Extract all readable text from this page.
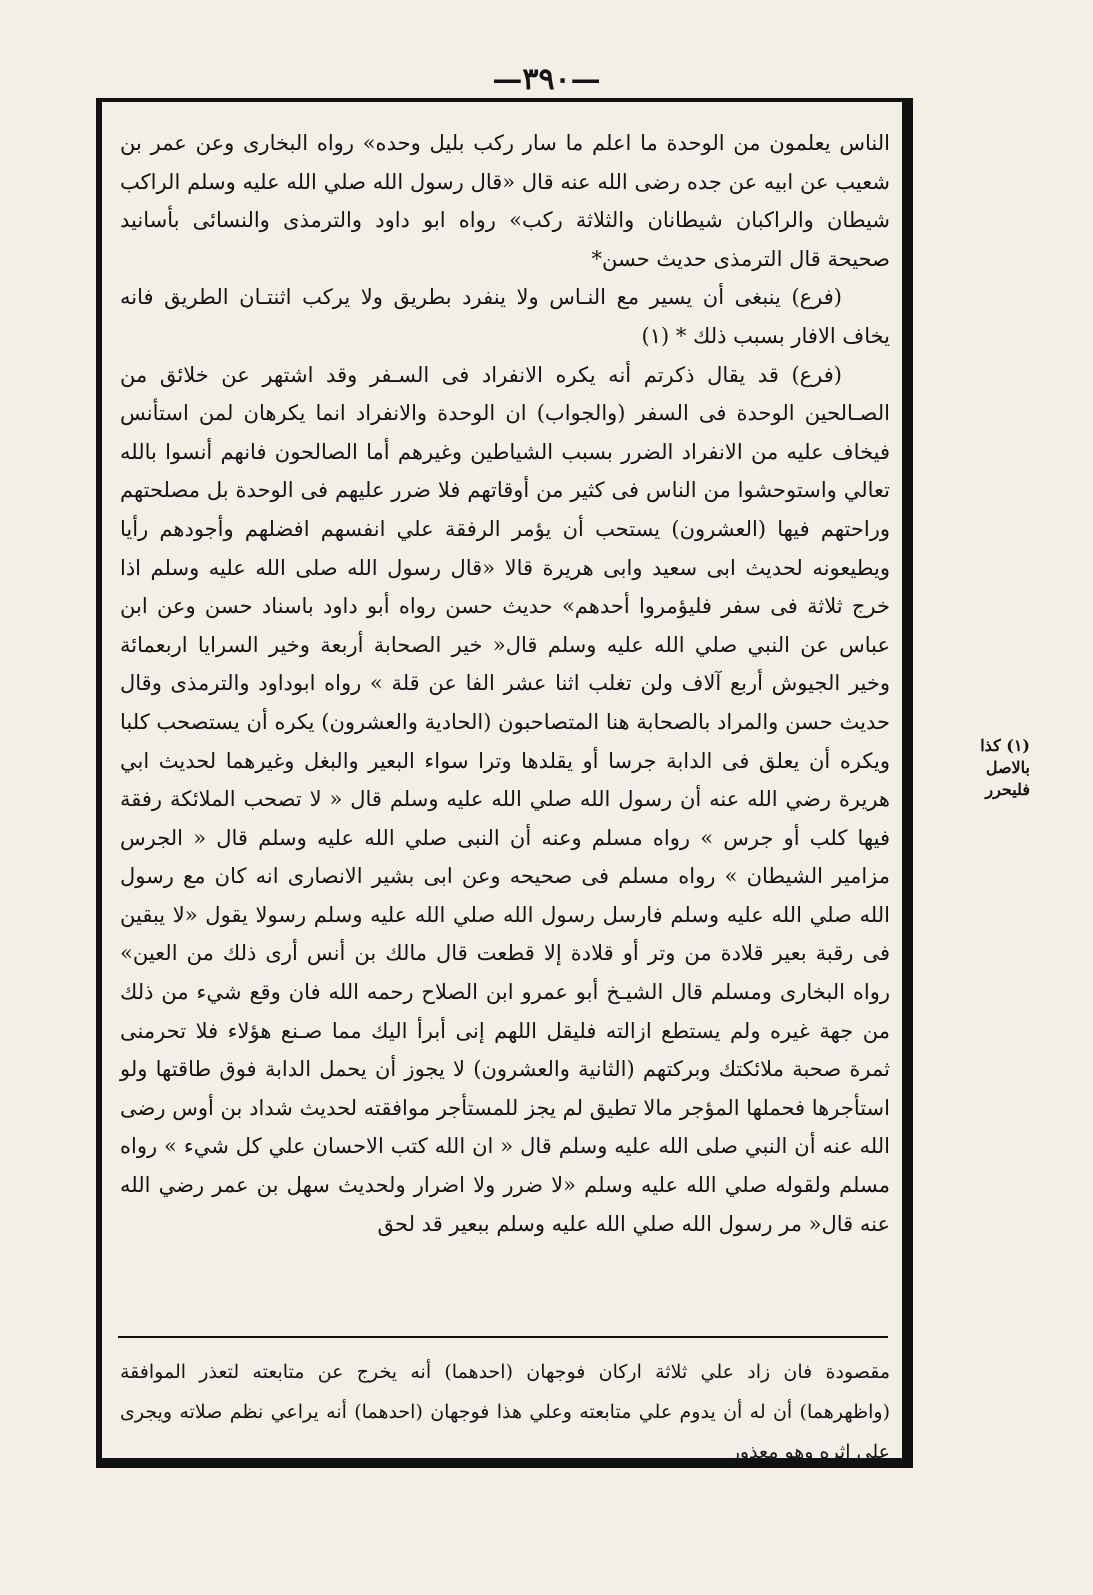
—٣٩٠—

الناس يعلمون من الوحدة ما اعلم ما سار ركب بليل وحده» رواه البخارى وعن عمر بن شعيب عن ابيه عن جده رضى الله عنه قال «قال رسول الله صلي الله عليه وسلم الراكب شيطان والراكبان شيطانان والثلاثة ركب» رواه ابو داود والترمذى والنسائى بأسانيد صحيحة قال الترمذى حديث حسن*

(فرع) ينبغى أن يسير مع النـاس ولا ينفرد بطريق ولا يركب اثنتـان الطريق فانه يخاف الافار بسبب ذلك * (١)

(فرع) قد يقال ذكرتم أنه يكره الانفراد فى السـفر وقد اشتهر عن خلائق من الصـالحين الوحدة فى السفر (والجواب) ان الوحدة والانفراد انما يكرهان لمن استأنس فيخاف عليه من الانفراد الضرر بسبب الشياطين وغيرهم أما الصالحون فانهم أنسوا بالله تعالي واستوحشوا من الناس فى كثير من أوقاتهم فلا ضرر عليهم فى الوحدة بل مصلحتهم وراحتهم فيها (العشرون) يستحب أن يؤمر الرفقة علي انفسهم افضلهم وأجودهم رأيا ويطيعونه لحديث ابى سعيد وابى هريرة قالا «قال رسول الله صلى الله عليه وسلم اذا خرج ثلاثة فى سفر فليؤمروا أحدهم» حديث حسن رواه أبو داود باسناد حسن وعن ابن عباس عن النبي صلي الله عليه وسلم قال« خير الصحابة أربعة وخير السرايا اربعمائة وخير الجيوش أربع آلاف ولن تغلب اثنا عشر الفا عن قلة » رواه ابوداود والترمذى وقال حديث حسن والمراد بالصحابة هنا المتصاحبون (الحادية والعشرون) يكره أن يستصحب كلبا ويكره أن يعلق فى الدابة جرسا أو يقلدها وترا سواء البعير والبغل وغيرهما لحديث ابي هريرة رضي الله عنه أن رسول الله صلي الله عليه وسلم قال « لا تصحب الملائكة رفقة فيها كلب أو جرس » رواه مسلم وعنه أن النبى صلي الله عليه وسلم قال « الجرس مزامير الشيطان » رواه مسلم فى صحيحه وعن ابى بشير الانصارى انه كان مع رسول الله صلي الله عليه وسلم فارسل رسول الله صلي الله عليه وسلم رسولا يقول «لا يبقين فى رقبة بعير قلادة من وتر أو قلادة إلا قطعت قال مالك بن أنس أرى ذلك من العين» رواه البخارى ومسلم قال الشيـخ أبو عمرو ابن الصلاح رحمه الله فان وقع شيء من ذلك من جهة غيره ولم يستطع ازالته فليقل اللهم إنى أبرأ اليك مما صـنع هؤلاء فلا تحرمنى ثمرة صحبة ملائكتك وبركتهم (الثانية والعشرون) لا يجوز أن يحمل الدابة فوق طاقتها ولو استأجرها فحملها المؤجر مالا تطيق لم يجز للمستأجر موافقته لحديث شداد بن أوس رضى الله عنه أن النبي صلى الله عليه وسلم قال « ان الله كتب الاحسان علي كل شيء » رواه مسلم ولقوله صلي الله عليه وسلم «لا ضرر ولا اضرار ولحديث سهل بن عمر رضي الله عنه قال« مر رسول الله صلي الله عليه وسلم ببعير قد لحق

مقصودة فان زاد علي ثلاثة اركان فوجهان (احدهما) أنه يخرج عن متابعته لتعذر الموافقة (واظهرهما) أن له أن يدوم علي متابعته وعلي هذا فوجهان (احدهما) أنه يراعي نظم صلاته ويجرى على اثره وهو معذور

(١) كذا بالاصل
فليحرر
